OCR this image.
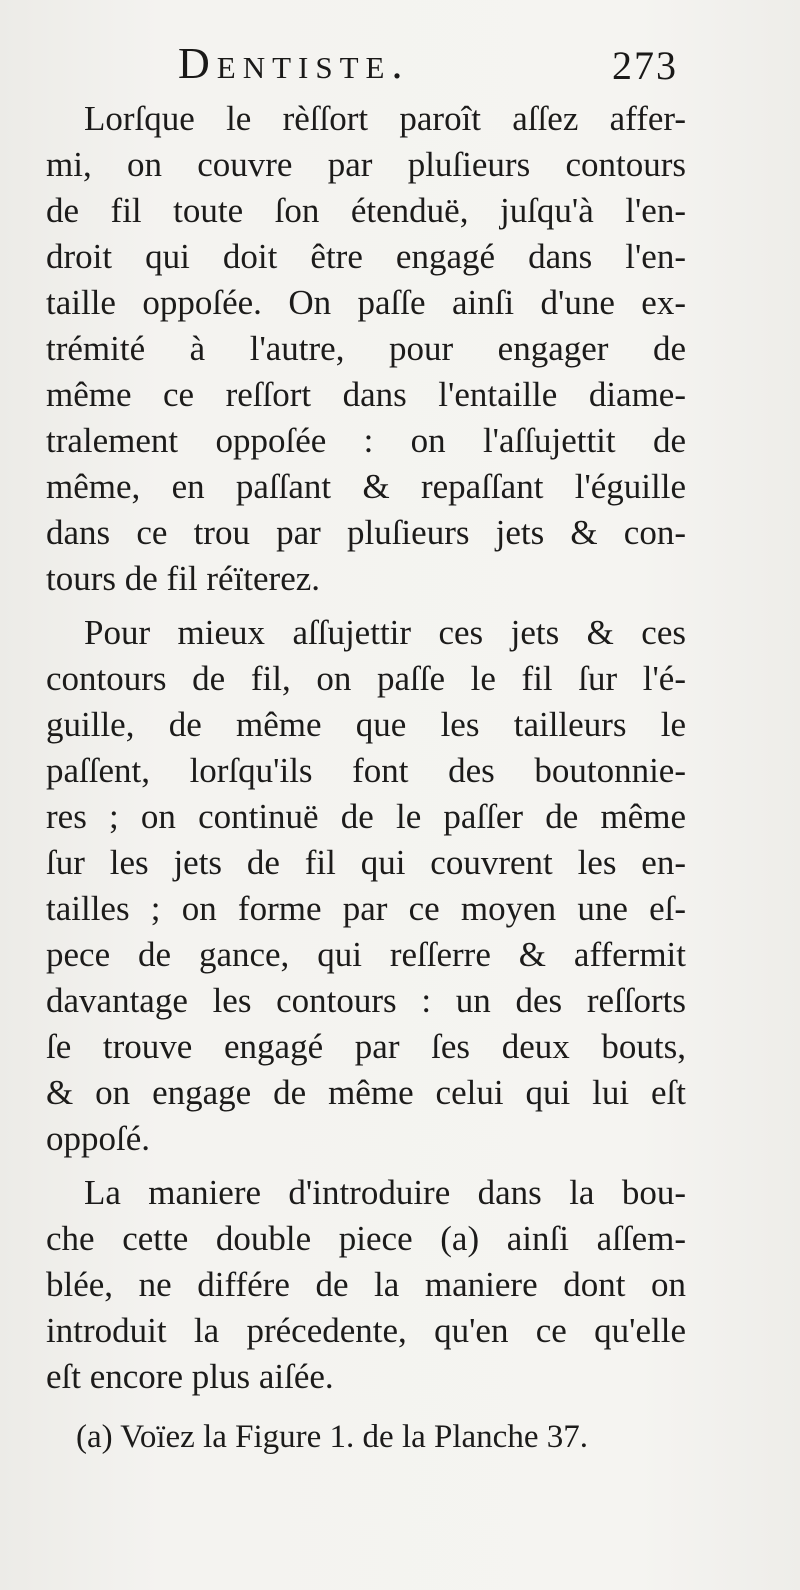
Dentiste.	273
Lorſque le rèſſort paroît aſſez affer-
mi, on couvre par pluſieurs contours
de fil toute ſon étenduë, juſqu'à l'en-
droit qui doit être engagé dans l'en-
taille oppoſée. On paſſe ainſi d'une ex-
trémité à l'autre, pour engager de
même ce reſſort dans l'entaille diame-
tralement oppoſée : on l'aſſujettit de
même, en paſſant & repaſſant l'éguille
dans ce trou par pluſieurs jets & con-
tours de fil réïterez.
Pour mieux aſſujettir ces jets & ces
contours de fil, on paſſe le fil ſur l'é-
guille, de même que les tailleurs le
paſſent, lorſqu'ils font des boutonnie-
res ; on continuë de le paſſer de même
ſur les jets de fil qui couvrent les en-
tailles ; on forme par ce moyen une eſ-
pece de gance, qui reſſerre & affermit
davantage les contours : un des reſſorts
ſe trouve engagé par ſes deux bouts,
& on engage de même celui qui lui eſt
oppoſé.
La maniere d'introduire dans la bou-
che cette double piece (a) ainſi aſſem-
blée, ne différe de la maniere dont on
introduit la précedente, qu'en ce qu'elle
eſt encore plus aiſée.
(a) Voïez la Figure 1. de la Planche 37.
